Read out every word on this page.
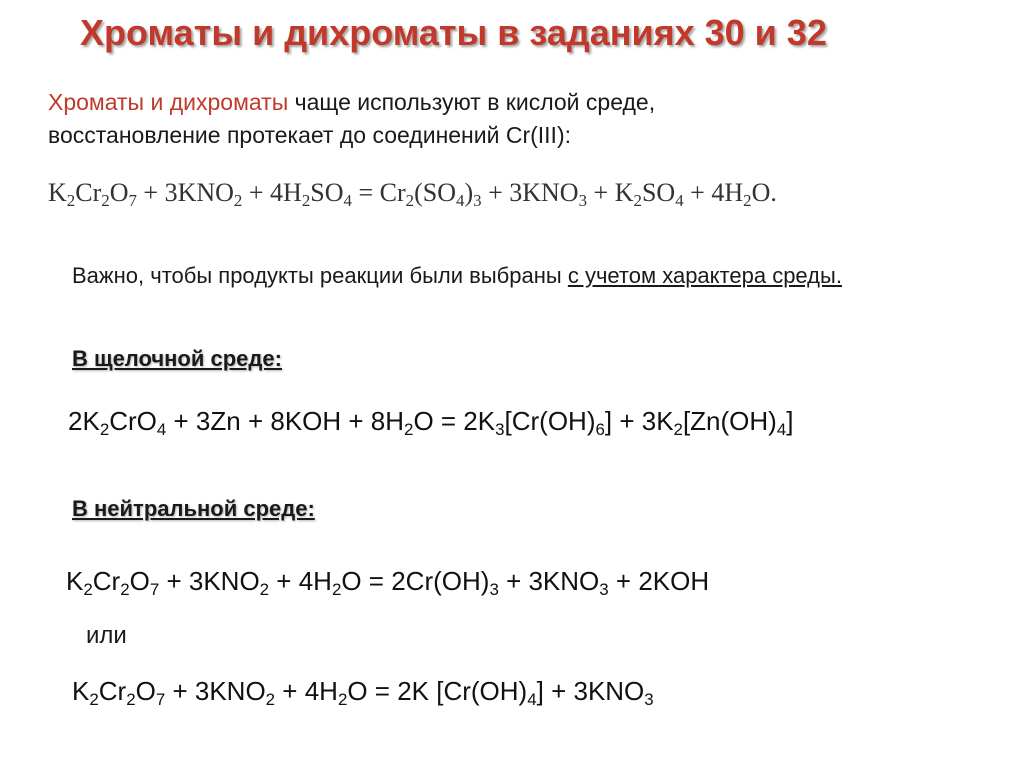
Хроматы и дихроматы в заданиях 30 и 32

Хроматы и дихроматы чаще используют в кислой среде,
восстановление протекает до соединений Cr(III):

$K_2Cr_2O_7 + 3KNO_2 + 4H_2SO_4 = Cr_2(SO_4)_3 + 3KNO_3 + K_2SO_4 + 4H_2O$.

Важно, чтобы продукты реакции были выбраны с учетом характера среды.

В щелочной среде:

$2K_2CrO_4 + 3Zn + 8KOH + 8H_2O = 2K_3[Cr(OH)_6] + 3K_2[Zn(OH)_4]$

В нейтральной среде:

$K_2Cr_2O_7 + 3KNO_2 + 4H_2O = 2Cr(OH)_3 + 3KNO_3 + 2KOH$

или

$K_2Cr_2O_7 + 3KNO_2 + 4H_2O = 2K$ $[Cr(OH)_4] + 3KNO_3$
